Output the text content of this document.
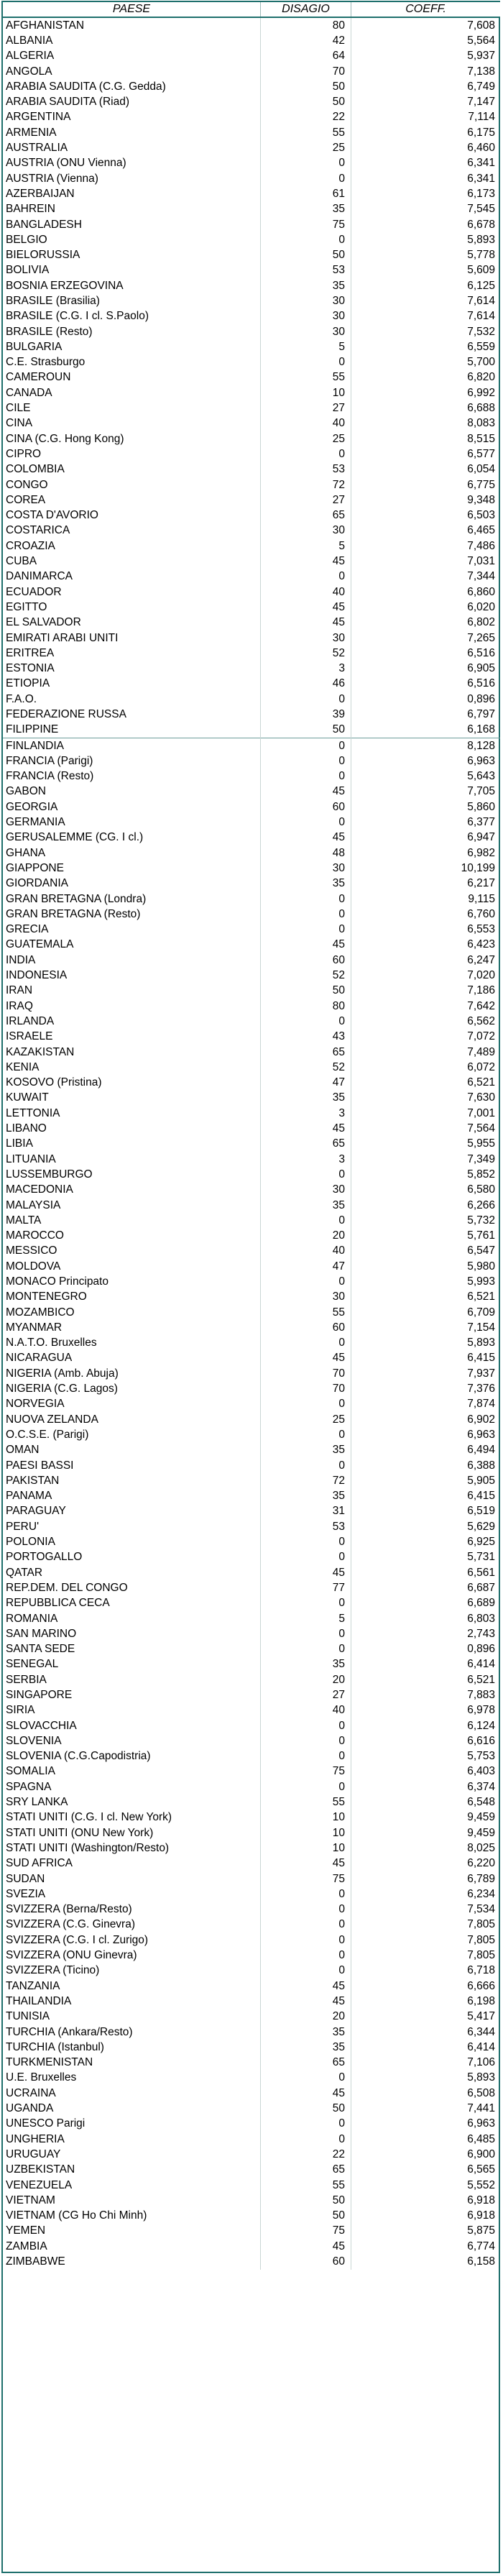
PAESE	DISAGIO	COEFF.
AFGHANISTAN	80	7,608
ALBANIA	42	5,564
ALGERIA	64	5,937
ANGOLA	70	7,138
ARABIA SAUDITA (C.G. Gedda)	50	6,749
ARABIA SAUDITA (Riad)	50	7,147
ARGENTINA	22	7,114
ARMENIA	55	6,175
AUSTRALIA	25	6,460
AUSTRIA (ONU Vienna)	0	6,341
AUSTRIA (Vienna)	0	6,341
AZERBAIJAN	61	6,173
BAHREIN	35	7,545
BANGLADESH	75	6,678
BELGIO	0	5,893
BIELORUSSIA	50	5,778
BOLIVIA	53	5,609
BOSNIA ERZEGOVINA	35	6,125
BRASILE (Brasilia)	30	7,614
BRASILE (C.G. I cl. S.Paolo)	30	7,614
BRASILE (Resto)	30	7,532
BULGARIA	5	6,559
C.E. Strasburgo	0	5,700
CAMEROUN	55	6,820
CANADA	10	6,992
CILE	27	6,688
CINA	40	8,083
CINA (C.G. Hong Kong)	25	8,515
CIPRO	0	6,577
COLOMBIA	53	6,054
CONGO	72	6,775
COREA	27	9,348
COSTA D'AVORIO	65	6,503
COSTARICA	30	6,465
CROAZIA	5	7,486
CUBA	45	7,031
DANIMARCA	0	7,344
ECUADOR	40	6,860
EGITTO	45	6,020
EL SALVADOR	45	6,802
EMIRATI ARABI UNITI	30	7,265
ERITREA	52	6,516
ESTONIA	3	6,905
ETIOPIA	46	6,516
F.A.O.	0	0,896
FEDERAZIONE RUSSA	39	6,797
FILIPPINE	50	6,168
FINLANDIA	0	8,128
FRANCIA (Parigi)	0	6,963
FRANCIA (Resto)	0	5,643
GABON	45	7,705
GEORGIA	60	5,860
GERMANIA	0	6,377
GERUSALEMME (CG. I cl.)	45	6,947
GHANA	48	6,982
GIAPPONE	30	10,199
GIORDANIA	35	6,217
GRAN BRETAGNA (Londra)	0	9,115
GRAN BRETAGNA (Resto)	0	6,760
GRECIA	0	6,553
GUATEMALA	45	6,423
INDIA	60	6,247
INDONESIA	52	7,020
IRAN	50	7,186
IRAQ	80	7,642
IRLANDA	0	6,562
ISRAELE	43	7,072
KAZAKISTAN	65	7,489
KENIA	52	6,072
KOSOVO (Pristina)	47	6,521
KUWAIT	35	7,630
LETTONIA	3	7,001
LIBANO	45	7,564
LIBIA	65	5,955
LITUANIA	3	7,349
LUSSEMBURGO	0	5,852
MACEDONIA	30	6,580
MALAYSIA	35	6,266
MALTA	0	5,732
MAROCCO	20	5,761
MESSICO	40	6,547
MOLDOVA	47	5,980
MONACO Principato	0	5,993
MONTENEGRO	30	6,521
MOZAMBICO	55	6,709
MYANMAR	60	7,154
N.A.T.O. Bruxelles	0	5,893
NICARAGUA	45	6,415
NIGERIA (Amb. Abuja)	70	7,937
NIGERIA (C.G. Lagos)	70	7,376
NORVEGIA	0	7,874
NUOVA ZELANDA	25	6,902
O.C.S.E. (Parigi)	0	6,963
OMAN	35	6,494
PAESI BASSI	0	6,388
PAKISTAN	72	5,905
PANAMA	35	6,415
PARAGUAY	31	6,519
PERU'	53	5,629
POLONIA	0	6,925
PORTOGALLO	0	5,731
QATAR	45	6,561
REP.DEM. DEL CONGO	77	6,687
REPUBBLICA CECA	0	6,689
ROMANIA	5	6,803
SAN MARINO	0	2,743
SANTA SEDE	0	0,896
SENEGAL	35	6,414
SERBIA	20	6,521
SINGAPORE	27	7,883
SIRIA	40	6,978
SLOVACCHIA	0	6,124
SLOVENIA	0	6,616
SLOVENIA (C.G.Capodistria)	0	5,753
SOMALIA	75	6,403
SPAGNA	0	6,374
SRY LANKA	55	6,548
STATI UNITI (C.G. I cl. New York)	10	9,459
STATI UNITI (ONU New York)	10	9,459
STATI UNITI (Washington/Resto)	10	8,025
SUD AFRICA	45	6,220
SUDAN	75	6,789
SVEZIA	0	6,234
SVIZZERA (Berna/Resto)	0	7,534
SVIZZERA (C.G. Ginevra)	0	7,805
SVIZZERA (C.G. I cl. Zurigo)	0	7,805
SVIZZERA (ONU Ginevra)	0	7,805
SVIZZERA (Ticino)	0	6,718
TANZANIA	45	6,666
THAILANDIA	45	6,198
TUNISIA	20	5,417
TURCHIA (Ankara/Resto)	35	6,344
TURCHIA (Istanbul)	35	6,414
TURKMENISTAN	65	7,106
U.E. Bruxelles	0	5,893
UCRAINA	45	6,508
UGANDA	50	7,441
UNESCO Parigi	0	6,963
UNGHERIA	0	6,485
URUGUAY	22	6,900
UZBEKISTAN	65	6,565
VENEZUELA	55	5,552
VIETNAM	50	6,918
VIETNAM (CG Ho Chi Minh)	50	6,918
YEMEN	75	5,875
ZAMBIA	45	6,774
ZIMBABWE	60	6,158
